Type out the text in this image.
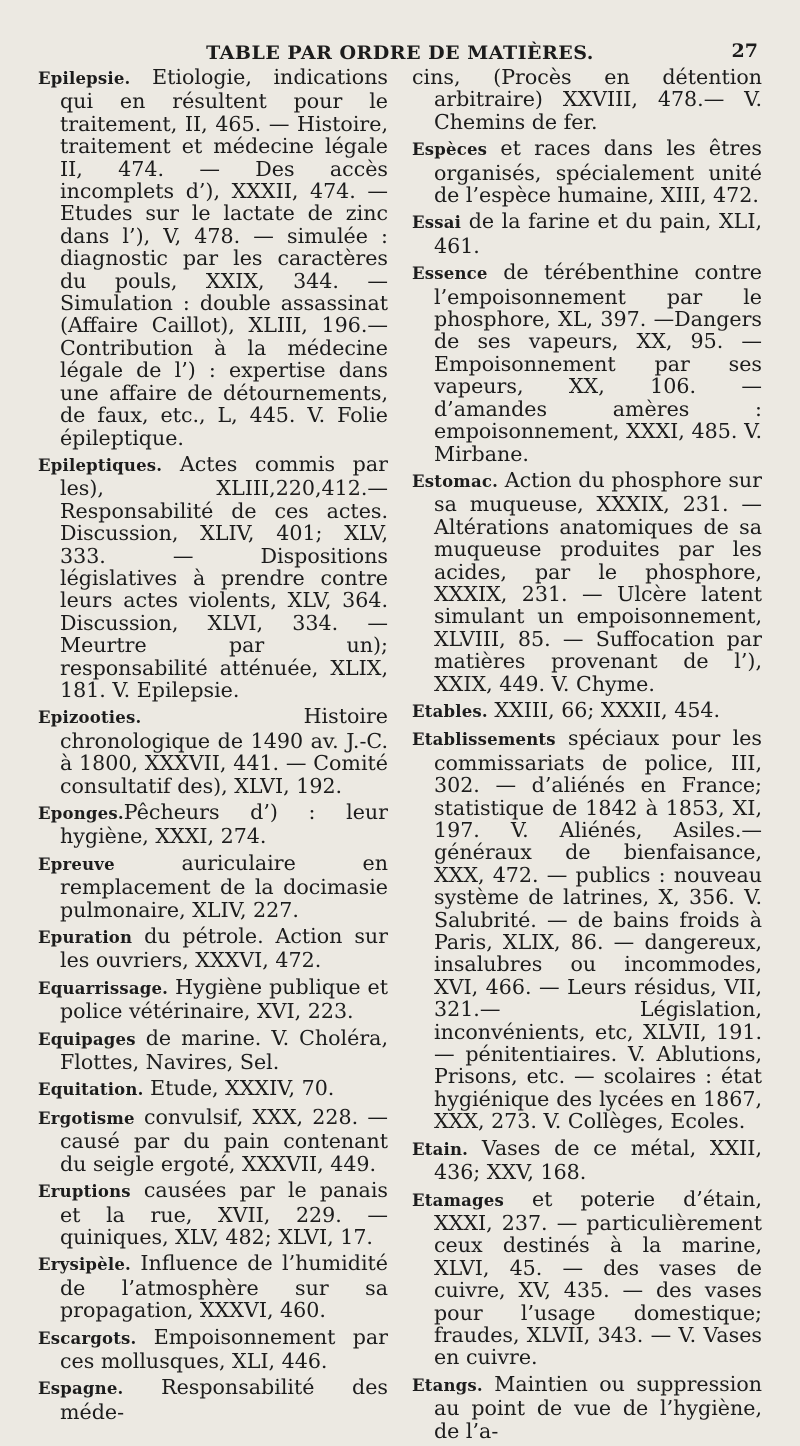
TABLE PAR ORDRE DE MATIÈRES.	27

Epilepsie. Etiologie, indications qui en résultent pour le traitement, II, 465. — Histoire, traitement et médecine légale II, 474. — Des accès incomplets d’), XXXII, 474. — Etudes sur le lactate de zinc dans l’), V, 478. — simulée : diagnostic par les caractères du pouls, XXIX, 344. — Simulation : double assassinat (Affaire Caillot), XLIII, 196.—Contribution à la médecine légale de l’) : expertise dans une affaire de détournements, de faux, etc., L, 445. V. Folie épileptique.

Epileptiques. Actes commis par les), XLIII,220,412.—Responsabilité de ces actes. Discussion, XLIV, 401; XLV, 333. — Dispositions législatives à prendre contre leurs actes violents, XLV, 364. Discussion, XLVI, 334. — Meurtre par un); responsabilité atténuée, XLIX, 181. V. Epilepsie.

Epizooties. Histoire chronologique de 1490 av. J.-C. à 1800, XXXVII, 441. — Comité consultatif des), XLVI, 192.

Eponges.Pêcheurs d’) : leur hygiène, XXXI, 274.

Epreuve auriculaire en remplacement de la docimasie pulmonaire, XLIV, 227.

Epuration du pétrole. Action sur les ouvriers, XXXVI, 472.

Equarrissage. Hygiène publique et police vétérinaire, XVI, 223.

Equipages de marine. V. Choléra, Flottes, Navires, Sel.

Equitation. Etude, XXXIV, 70.

Ergotisme convulsif, XXX, 228. — causé par du pain contenant du seigle ergoté, XXXVII, 449.

Eruptions causées par le panais et la rue, XVII, 229. — quiniques, XLV, 482; XLVI, 17.

Erysipèle. Influence de l’humidité de l’atmosphère sur sa propagation, XXXVI, 460.

Escargots. Empoisonnement par ces mollusques, XLI, 446.

Espagne. Responsabilité des méde-

cins, (Procès en détention arbitraire) XXVIII, 478.— V. Chemins de fer.

Espèces et races dans les êtres organisés, spécialement unité de l’espèce humaine, XIII, 472.

Essai de la farine et du pain, XLI, 461.

Essence de térébenthine contre l’empoisonnement par le phosphore, XL, 397. —Dangers de ses vapeurs, XX, 95. — Empoisonnement par ses vapeurs, XX, 106. — d’amandes amères : empoisonnement, XXXI, 485. V. Mirbane.

Estomac. Action du phosphore sur sa muqueuse, XXXIX, 231. — Altérations anatomiques de sa muqueuse produites par les acides, par le phosphore, XXXIX, 231. — Ulcère latent simulant un empoisonnement, XLVIII, 85. — Suffocation par matières provenant de l’), XXIX, 449. V. Chyme.

Etables. XXIII, 66; XXXII, 454.

Etablissements spéciaux pour les commissariats de police, III, 302. — d’aliénés en France; statistique de 1842 à 1853, XI, 197. V. Aliénés, Asiles.—généraux de bienfaisance, XXX, 472. — publics : nouveau système de latrines, X, 356. V. Salubrité. — de bains froids à Paris, XLIX, 86. — dangereux, insalubres ou incommodes, XVI, 466. — Leurs résidus, VII, 321.— Législation, inconvénients, etc, XLVII, 191. — pénitentiaires. V. Ablutions, Prisons, etc. — scolaires : état hygiénique des lycées en 1867, XXX, 273. V. Collèges, Ecoles.

Etain. Vases de ce métal, XXII, 436; XXV, 168.

Etamages et poterie d’étain, XXXI, 237. — particulièrement ceux destinés à la marine, XLVI, 45. — des vases de cuivre, XV, 435. — des vases pour l’usage domestique; fraudes, XLVII, 343. — V. Vases en cuivre.

Etangs. Maintien ou suppression au point de vue de l’hygiène, de l’a-
